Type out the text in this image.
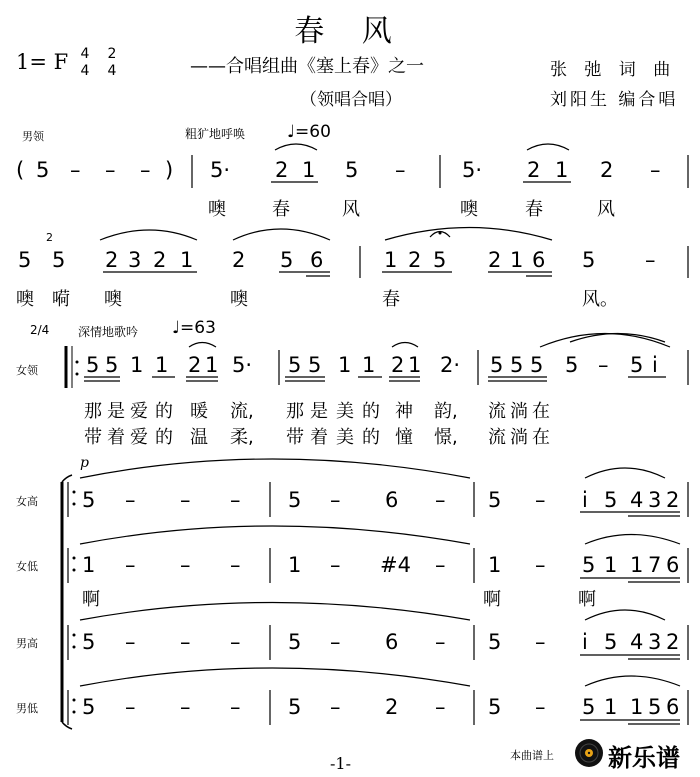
春 风
1= F 4
4
2
4	——合唱组曲《塞上春》之一
（领唱合唱）
张 弛 词 曲
刘阳生 编合唱
男领	粗犷地呼唤 ♩=60
( 5 – – – ) 5· 2 1 5 –	5· 2 1 2 –
噢	春	风	噢	春	风
5
2
5 2 3 2 1 2 5 6	1 2 5 2 1 6 5 –
噢 嗬 噢	噢	春	风。
2/4 深情地歌吟 ♩=63
女领 5 5 1 1 2 1 5· 5 5 1 1 2 1 2· 5 5 5 5 – 5 i
那 是 爱 的 暖 流, 那 是 美 的 神 韵, 流 淌 在
带 着 爱 的 温 柔, 带 着 美 的 憧 憬, 流 淌 在
p
女高 5 – – – 5 – 6 – 5 – i 5 4 3 2
女低 1 – – – 1 – #4 – 1 – 5 1 1 7 6
啊	啊	啊
男高 5 – – – 5 – 6 – 5 – i 5 4 3 2
男低 5 – – – 5 – 2 – 5 – 5 1 1 5 6
-1-	本曲谱上 新乐谱
